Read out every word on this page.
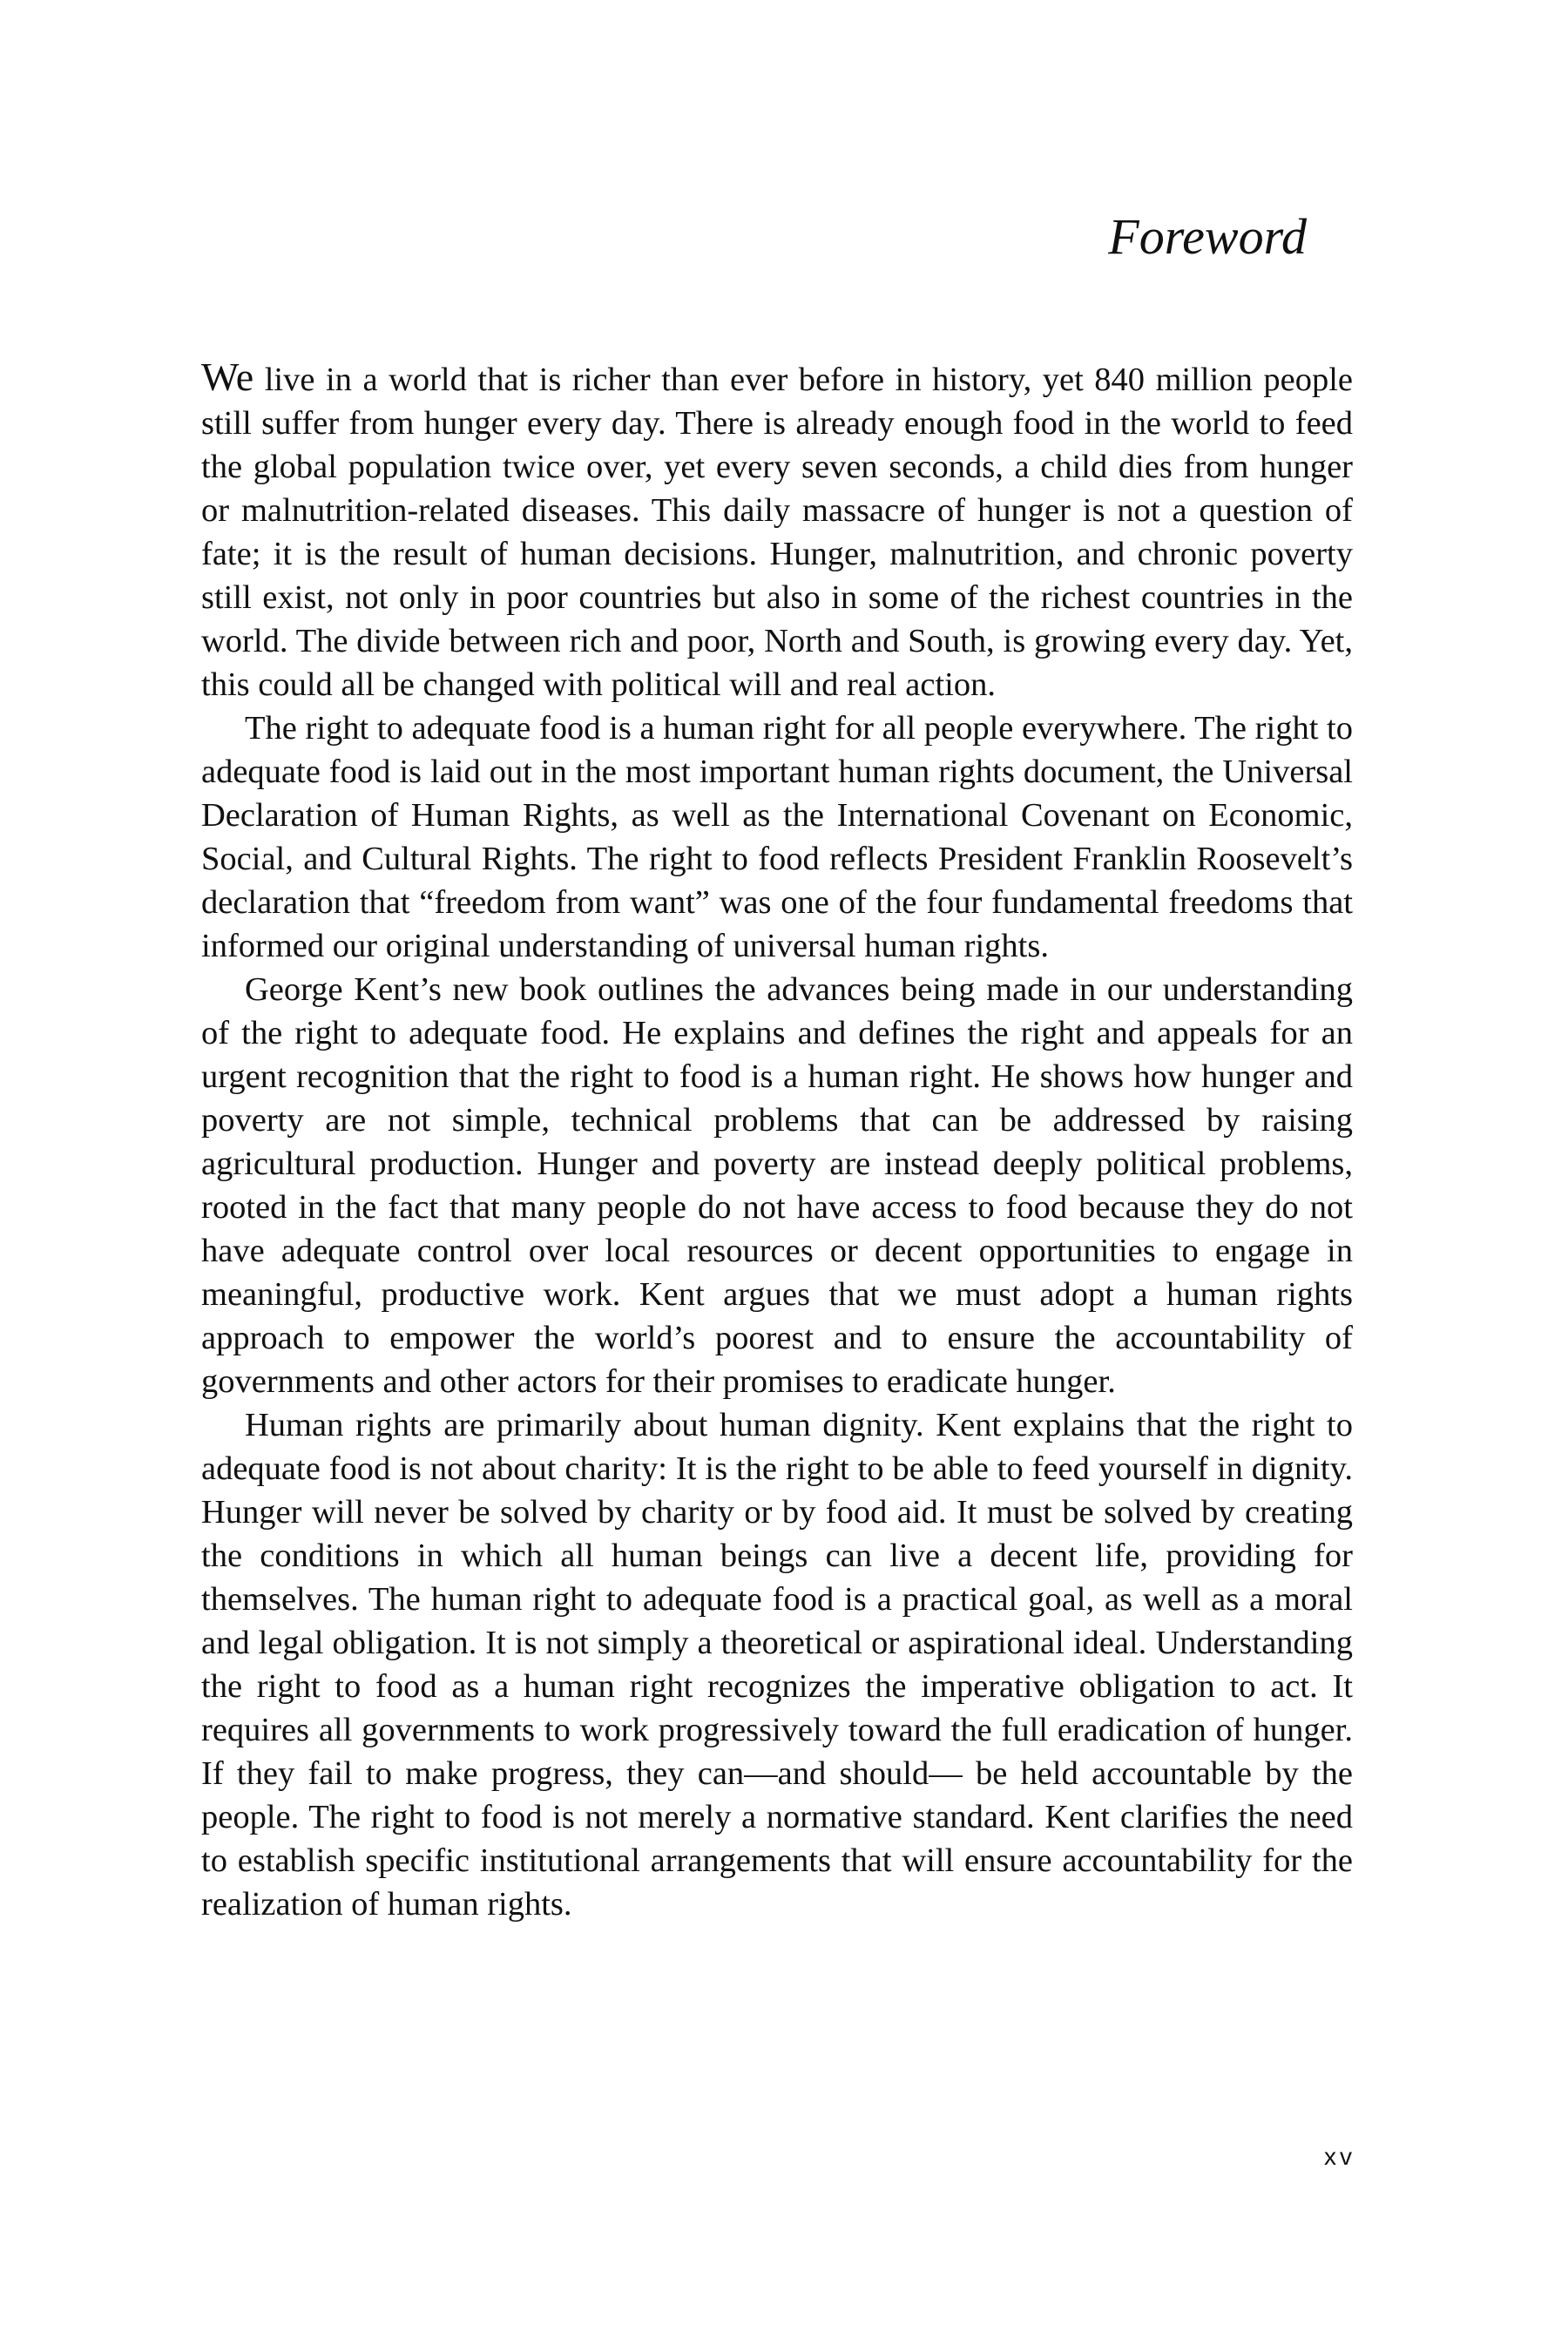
Foreword

We live in a world that is richer than ever before in history, yet 840 million people still suffer from hunger every day. There is already enough food in the world to feed the global population twice over, yet every seven seconds, a child dies from hunger or malnutrition-related diseases. This daily massacre of hunger is not a question of fate; it is the result of human decisions. Hunger, malnutrition, and chronic poverty still exist, not only in poor countries but also in some of the richest countries in the world. The divide between rich and poor, North and South, is growing every day. Yet, this could all be changed with political will and real action.

The right to adequate food is a human right for all people everywhere. The right to adequate food is laid out in the most important human rights document, the Universal Declaration of Human Rights, as well as the International Covenant on Economic, Social, and Cultural Rights. The right to food reflects President Franklin Roosevelt’s declaration that “freedom from want” was one of the four fundamental freedoms that informed our original understanding of universal human rights.

George Kent’s new book outlines the advances being made in our understanding of the right to adequate food. He explains and defines the right and appeals for an urgent recognition that the right to food is a human right. He shows how hunger and poverty are not simple, technical problems that can be addressed by raising agricultural production. Hunger and poverty are instead deeply political problems, rooted in the fact that many people do not have access to food because they do not have adequate control over local resources or decent opportunities to engage in meaningful, productive work. Kent argues that we must adopt a human rights approach to empower the world’s poorest and to ensure the accountability of governments and other actors for their promises to eradicate hunger.

Human rights are primarily about human dignity. Kent explains that the right to adequate food is not about charity: It is the right to be able to feed yourself in dignity. Hunger will never be solved by charity or by food aid. It must be solved by creating the conditions in which all human beings can live a decent life, providing for themselves. The human right to adequate food is a practical goal, as well as a moral and legal obligation. It is not simply a theoretical or aspirational ideal. Understanding the right to food as a human right recognizes the imperative obligation to act. It requires all governments to work progressively toward the full eradication of hunger. If they fail to make progress, they can—and should— be held accountable by the people. The right to food is not merely a normative standard. Kent clarifies the need to establish specific institutional arrangements that will ensure accountability for the realization of human rights.

xv
